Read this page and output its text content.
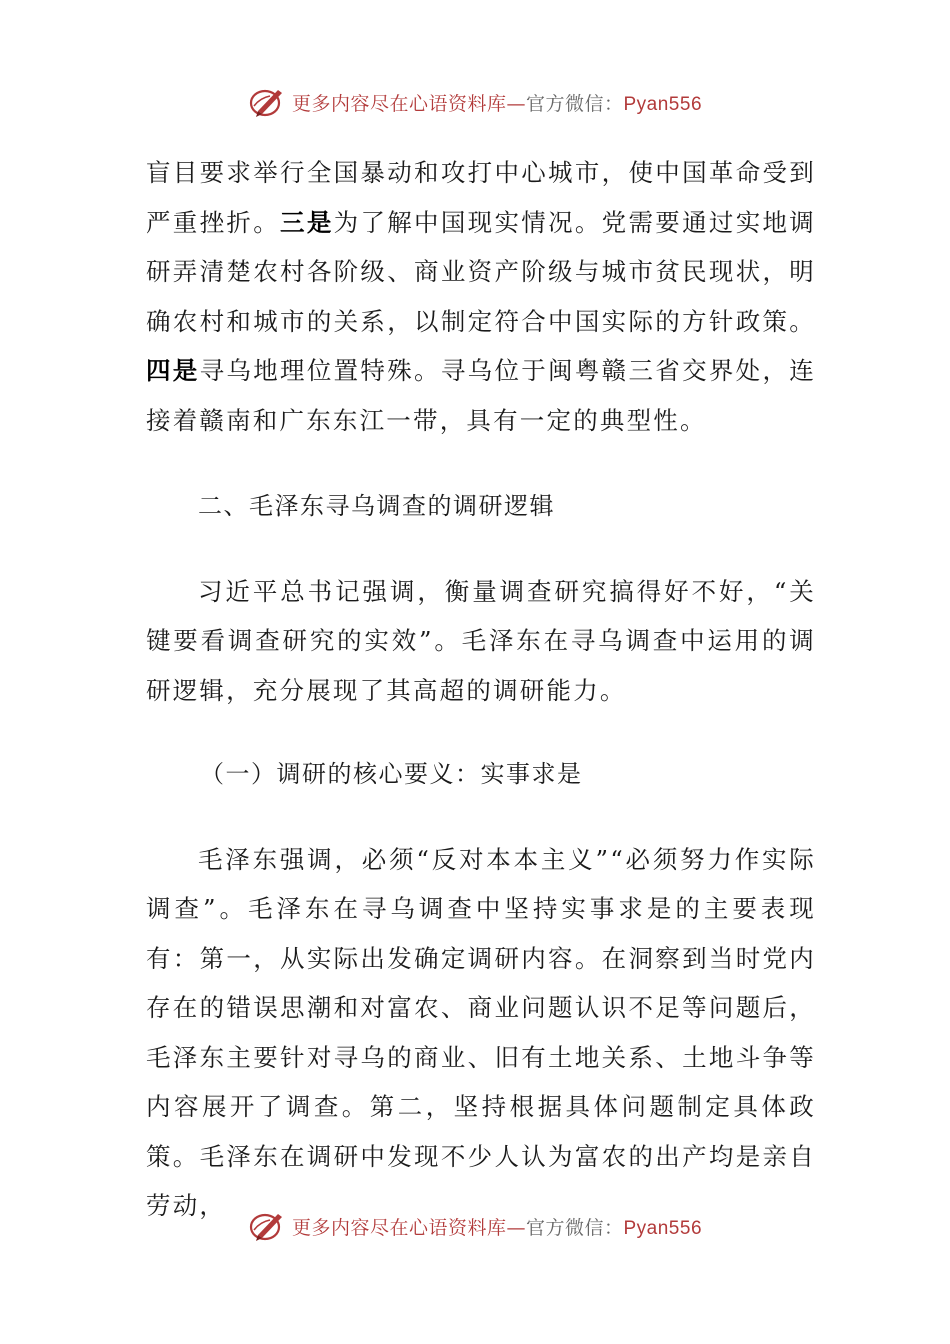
更多内容尽在心语资料库—官方微信：Pyan556

盲目要求举行全国暴动和攻打中心城市，使中国革命受到严重挫折。三是为了解中国现实情况。党需要通过实地调研弄清楚农村各阶级、商业资产阶级与城市贫民现状，明确农村和城市的关系，以制定符合中国实际的方针政策。四是寻乌地理位置特殊。寻乌位于闽粤赣三省交界处，连接着赣南和广东东江一带，具有一定的典型性。

二、毛泽东寻乌调查的调研逻辑

习近平总书记强调，衡量调查研究搞得好不好，“关键要看调查研究的实效”。毛泽东在寻乌调查中运用的调研逻辑，充分展现了其高超的调研能力。

（一）调研的核心要义：实事求是

毛泽东强调，必须“反对本本主义”“必须努力作实际调查”。毛泽东在寻乌调查中坚持实事求是的主要表现有：第一，从实际出发确定调研内容。在洞察到当时党内存在的错误思潮和对富农、商业问题认识不足等问题后，毛泽东主要针对寻乌的商业、旧有土地关系、土地斗争等内容展开了调查。第二，坚持根据具体问题制定具体政策。毛泽东在调研中发现不少人认为富农的出产均是亲自劳动，

更多内容尽在心语资料库—官方微信：Pyan556
